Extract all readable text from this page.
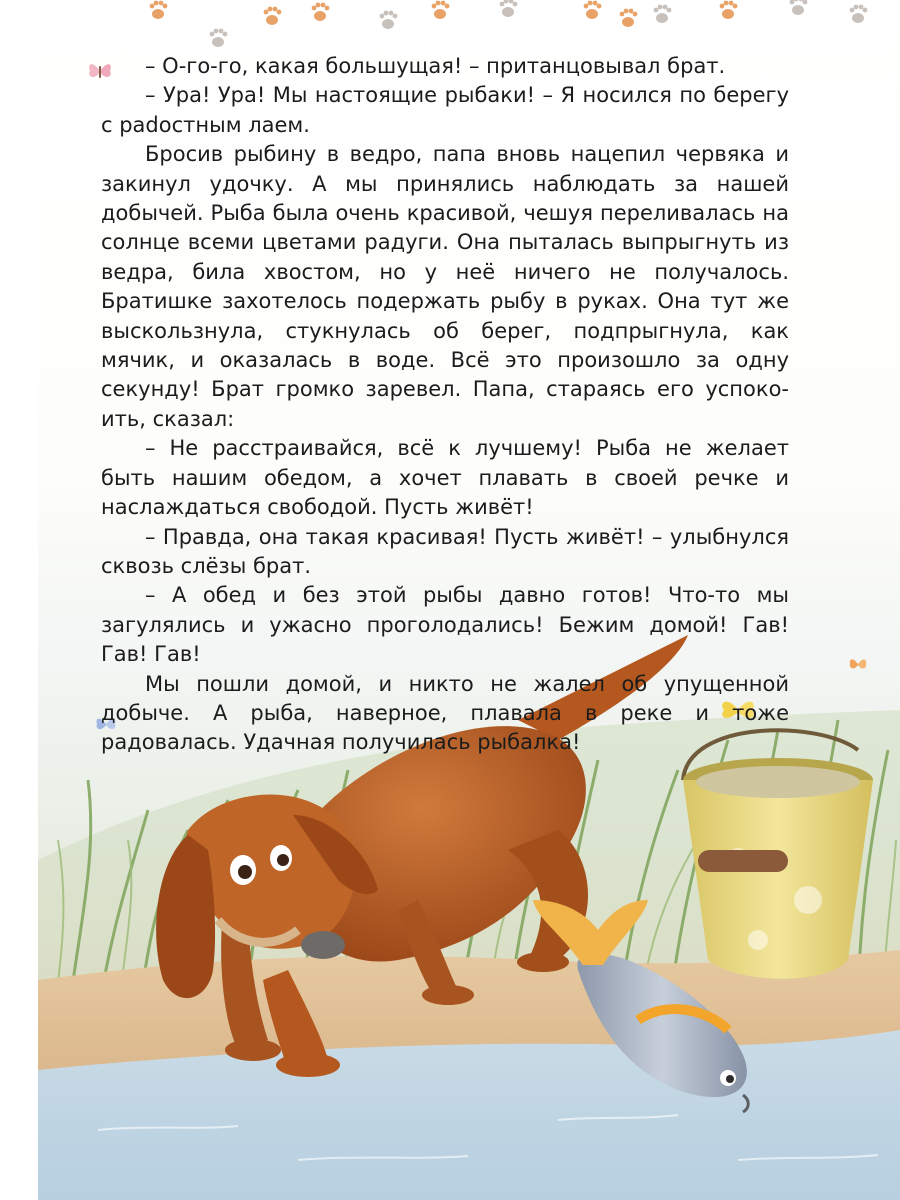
– О-го-го, какая большущая! – пританцовывал брат.

– Ура! Ура! Мы настоящие рыбаки! – Я носился по берегу с раdостным лаем.

Бросив рыбину в ведро, папа вновь нацепил червяка и закинул удочку. А мы принялись наблюдать за нашей добычей. Рыба была очень красивой, чешуя переливалась на солнце всеми цветами радуги. Она пыталась выпрыгнуть из ведра, била хвостом, но у неё ничего не получалось. Братишке захотелось подержать рыбу в руках. Она тут же выскользнула, стукнулась об берег, подпрыгнула, как мячик, и оказалась в воде. Всё это произошло за одну секунду! Брат громко заревел. Папа, стараясь его успокоить, сказал:

– Не расстраивайся, всё к лучшему! Рыба не желает быть нашим обедом, а хочет плавать в своей речке и наслаждаться свободой. Пусть живёт!

– Правда, она такая красивая! Пусть живёт! – улыбнулся сквозь слёзы брат.

– А обед и без этой рыбы давно готов! Что-то мы загулялись и ужасно проголодались! Бежим домой! Гав! Гав! Гав!

Мы пошли домой, и никто не жалел об упущенной добыче. А рыба, наверное, плавала в реке и тоже радовалась. Удачная получилась рыбалка!
